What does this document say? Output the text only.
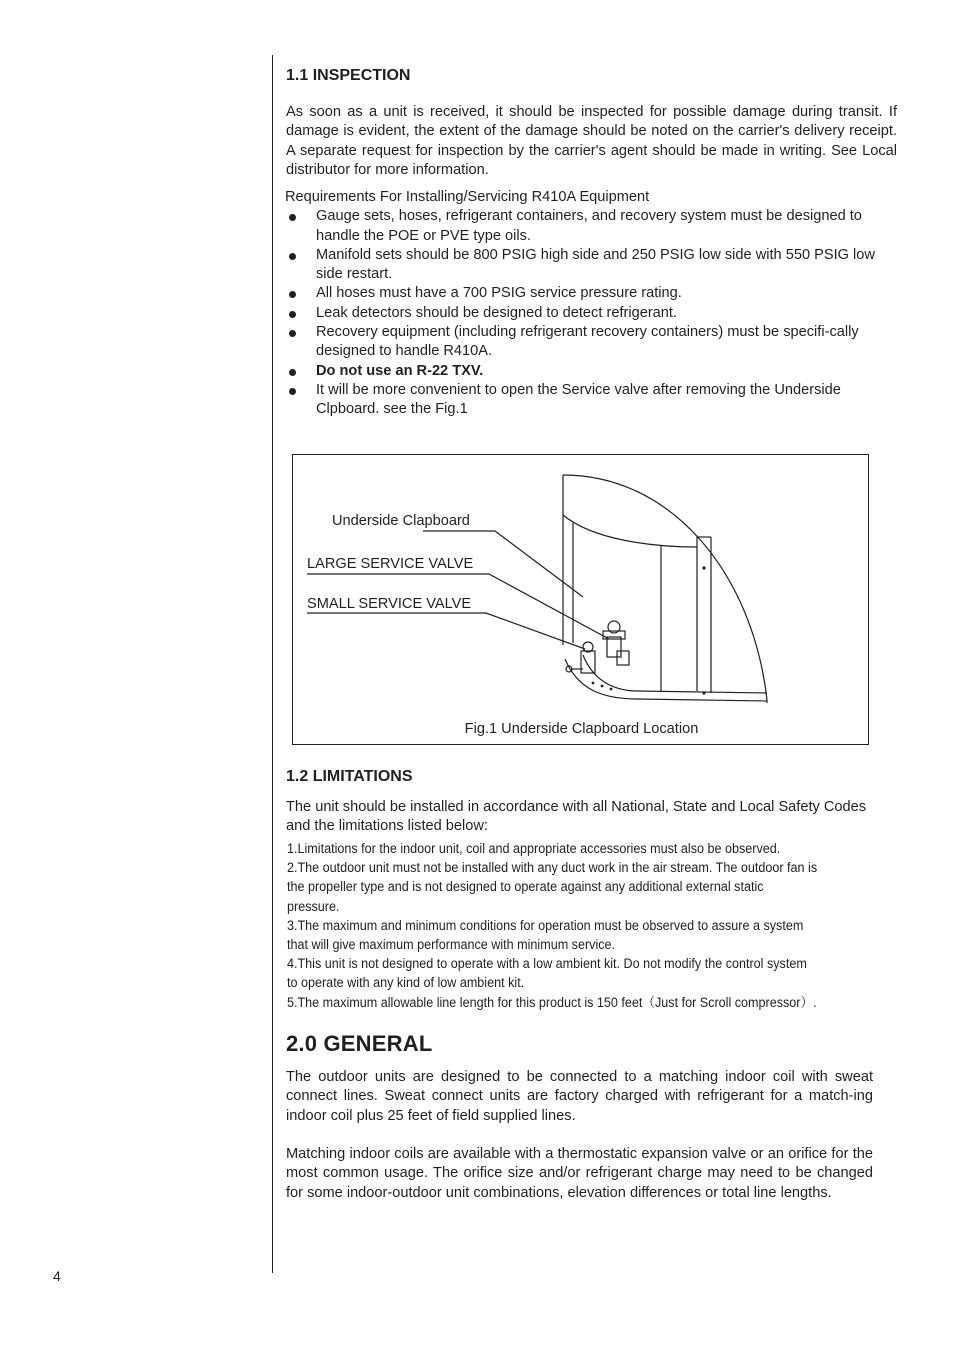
1.1 INSPECTION

As soon as a unit is received, it should be inspected for possible damage during transit. If damage is evident, the extent of the damage should be noted on the carrier's delivery receipt. A separate request for inspection by the carrier's agent should be made in writing. See Local distributor for more information.

Requirements For Installing/Servicing R410A Equipment

Gauge sets, hoses, refrigerant containers, and recovery system must be designed to handle the POE or PVE type oils.
Manifold sets should be 800 PSIG high side and 250 PSIG low side with 550 PSIG low side restart.
All hoses must have a 700 PSIG service pressure rating.
Leak detectors should be designed to detect refrigerant.
Recovery equipment (including refrigerant recovery containers) must be specifi-cally designed to handle R410A.
Do not use an R-22 TXV.
It will be more convenient to open the Service valve after removing the Underside Clpboard. see the Fig.1
Underside Clapboard
LARGE SERVICE VALVE
SMALL SERVICE VALVE
Fig.1 Underside Clapboard Location
1.2 LIMITATIONS

The unit should be installed in accordance with all National, State and Local Safety Codes and the limitations listed below:

1.Limitations for the indoor unit, coil and appropriate accessories must also be observed.

2.The outdoor unit must not be installed with any duct work in the air stream. The outdoor fan is

the propeller type and is not designed to operate against any additional external static

pressure.

3.The maximum and minimum conditions for operation must be observed to assure a system

that will give maximum performance with minimum service.

4.This unit is not designed to operate with a low ambient kit. Do not modify the control system

to operate with any kind of low ambient kit.

5.The maximum allowable line length for this product is 150 feet（Just for Scroll compressor）.

2.0 GENERAL

The outdoor units are designed to be connected to a matching indoor coil with sweat connect lines. Sweat connect units are factory charged with refrigerant for a match-ing indoor coil plus 25 feet of field supplied lines.

Matching indoor coils are available with a thermostatic expansion valve or an orifice for the most common usage. The orifice size and/or refrigerant charge may need to be changed for some indoor-outdoor unit combinations, elevation differences or total line lengths.

4
